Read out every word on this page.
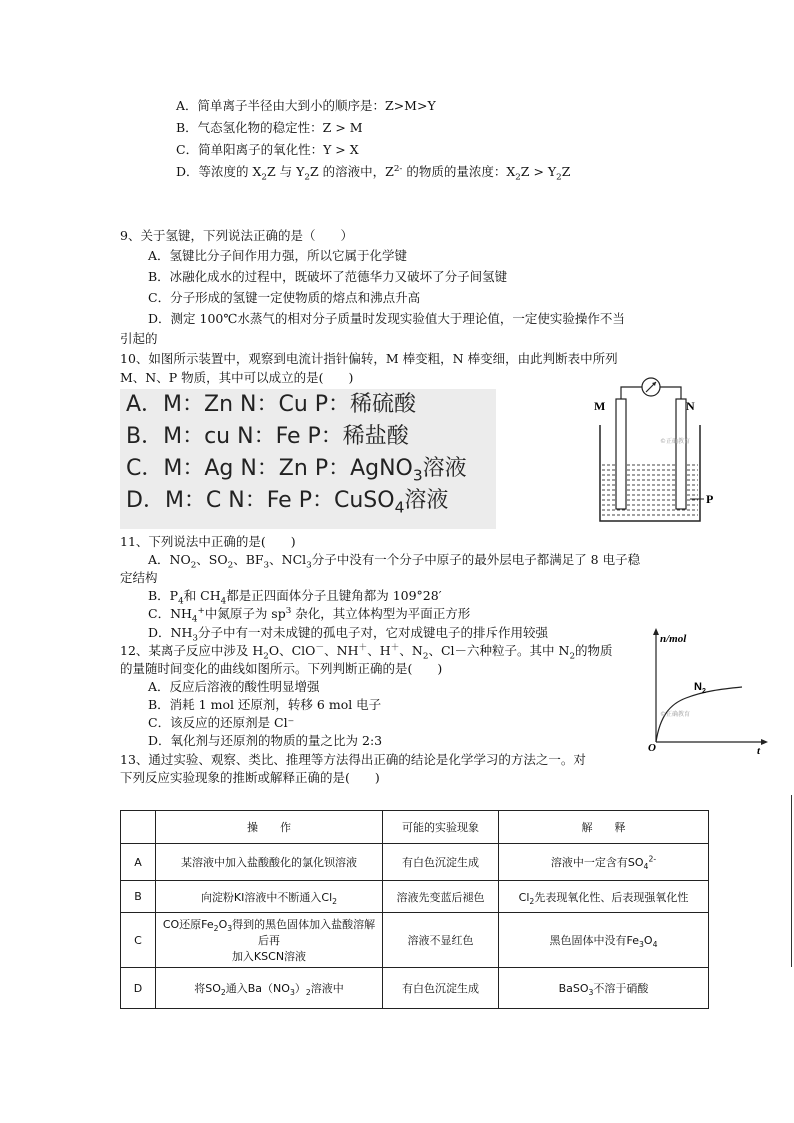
A．简单离子半径由大到小的顺序是：Z>M>Y
B．气态氢化物的稳定性：Z > M
C．简单阳离子的氧化性：Y > X
D．等浓度的 $X_2Z$ 与 $Y_2Z$ 的溶液中，$Z^{2-}$ 的物质的量浓度：$X_2Z > Y_2Z$
9、关于氢键，下列说法正确的是（　　）
A．氢键比分子间作用力强，所以它属于化学键
B．冰融化成水的过程中，既破坏了范德华力又破坏了分子间氢键
C．分子形成的氢键一定使物质的熔点和沸点升高
D．测定 100℃水蒸气的相对分子质量时发现实验值大于理论值，一定使实验操作不当
引起的
10、如图所示装置中，观察到电流计指针偏转，M 棒变粗，N 棒变细，由此判断表中所列
M、N、P 物质，其中可以成立的是(　　)
A．M：Zn N：Cu P：稀硫酸
B．M：cu N：Fe P：稀盐酸
C．M：Ag N：Zn P：AgNO$_3$溶液
D．M：C N：Fe P：CuSO$_4$溶液
M	N
P
©正确教育
11、下列说法中正确的是(　　)
A．$NO_2$、$SO_2$、$BF_3$、NCl$_3$分子中没有一个分子中原子的最外层电子都满足了 8 电子稳
定结构
B．$P_4$和 $CH_4$都是正四面体分子且键角都为 109°28′
C．$NH_4^+$中氮原子为 $sp^3$ 杂化，其立体构型为平面正方形
D．$NH_3$分子中有一对未成键的孤电子对，它对成键电子的排斥作用较强
12、某离子反应中涉及 $H_2O$、ClO－、NH＋、H＋、$N_2$、Cl－六种粒子。其中 $N_2$的物质
的量随时间变化的曲线如图所示。下列判断正确的是(　　)
A．反应后溶液的酸性明显增强
B．消耗 1 mol 还原剂，转移 6 mol 电子
C．该反应的还原剂是 Cl⁻
D．氧化剂与还原剂的物质的量之比为 2:3
n/mol
t
O
$N_2$
©正确教育
13、通过实验、观察、类比、推理等方法得出正确的结论是化学学习的方法之一。对
下列反应实验现象的推断或解释正确的是(　　)
	操　　作	可能的实验现象	解　　释
A	某溶液中加入盐酸酸化的氯化钡溶液	有白色沉淀生成	溶液中一定含有$SO_4^{2-}$
B	向淀粉KI溶液中不断通入$Cl_2$	溶液先变蓝后褪色	$Cl_2$先表现氧化性、后表现强氧化性
C	CO还原$Fe_2O_3$得到的黑色固体加入盐酸溶解后再
加入KSCN溶液	溶液不显红色	黑色固体中没有$Fe_3O_4$
D	将$SO_2$通入$Ba(NO_3)_2$溶液中	有白色沉淀生成	BaSO$_3$不溶于硝酸
